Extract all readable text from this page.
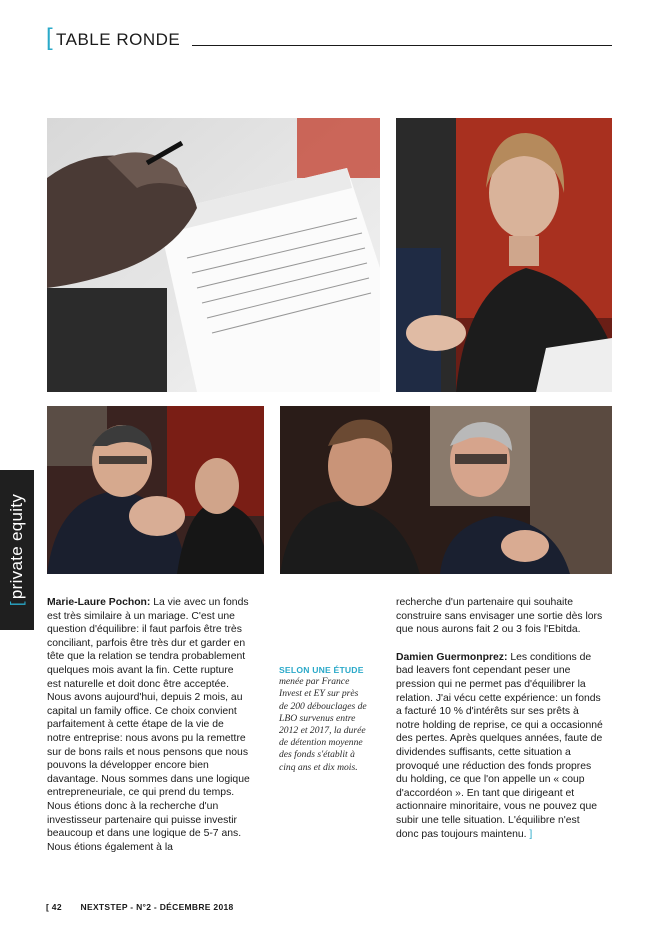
[ TABLE RONDE
[private equity

Marie-Laure Pochon: La vie avec un fonds est très similaire à un mariage. C'est une question d'équilibre: il faut parfois être très conciliant, parfois être très dur et garder en tête que la relation se tendra probablement quelques mois avant la fin. Cette rupture est naturelle et doit donc être acceptée. Nous avons aujourd'hui, depuis 2 mois, au capital un family office. Ce choix convient parfaitement à cette étape de la vie de notre entreprise: nous avons pu la remettre sur de bons rails et nous pensons que nous pouvons la développer encore bien davantage. Nous sommes dans une logique entrepreneuriale, ce qui prend du temps. Nous étions donc à la recherche d'un investisseur partenaire qui puisse investir beaucoup et dans une logique de 5-7 ans. Nous étions également à la

SELON UNE ÉTUDE
menée par France Invest et EY sur près de 200 débouclages de LBO survenus entre 2012 et 2017, la durée de détention moyenne des fonds s'établit à cinq ans et dix mois.

recherche d'un partenaire qui souhaite construire sans envisager une sortie dès lors que nous aurons fait 2 ou 3 fois l'Ebitda.

Damien Guermonprez: Les conditions de bad leavers font cependant peser une pression qui ne permet pas d'équilibrer la relation. J'ai vécu cette expérience: un fonds a facturé 10 % d'intérêts sur ses prêts à notre holding de reprise, ce qui a occasionné des pertes. Après quelques années, faute de dividendes suffisants, cette situation a provoqué une réduction des fonds propres du holding, ce que l'on appelle un « coup d'accordéon ». En tant que dirigeant et actionnaire minoritaire, vous ne pouvez que subir une telle situation. L'équilibre n'est donc pas toujours maintenu. ]

[ 42 NEXTSTEP - N°2 - DÉCEMBRE 2018
